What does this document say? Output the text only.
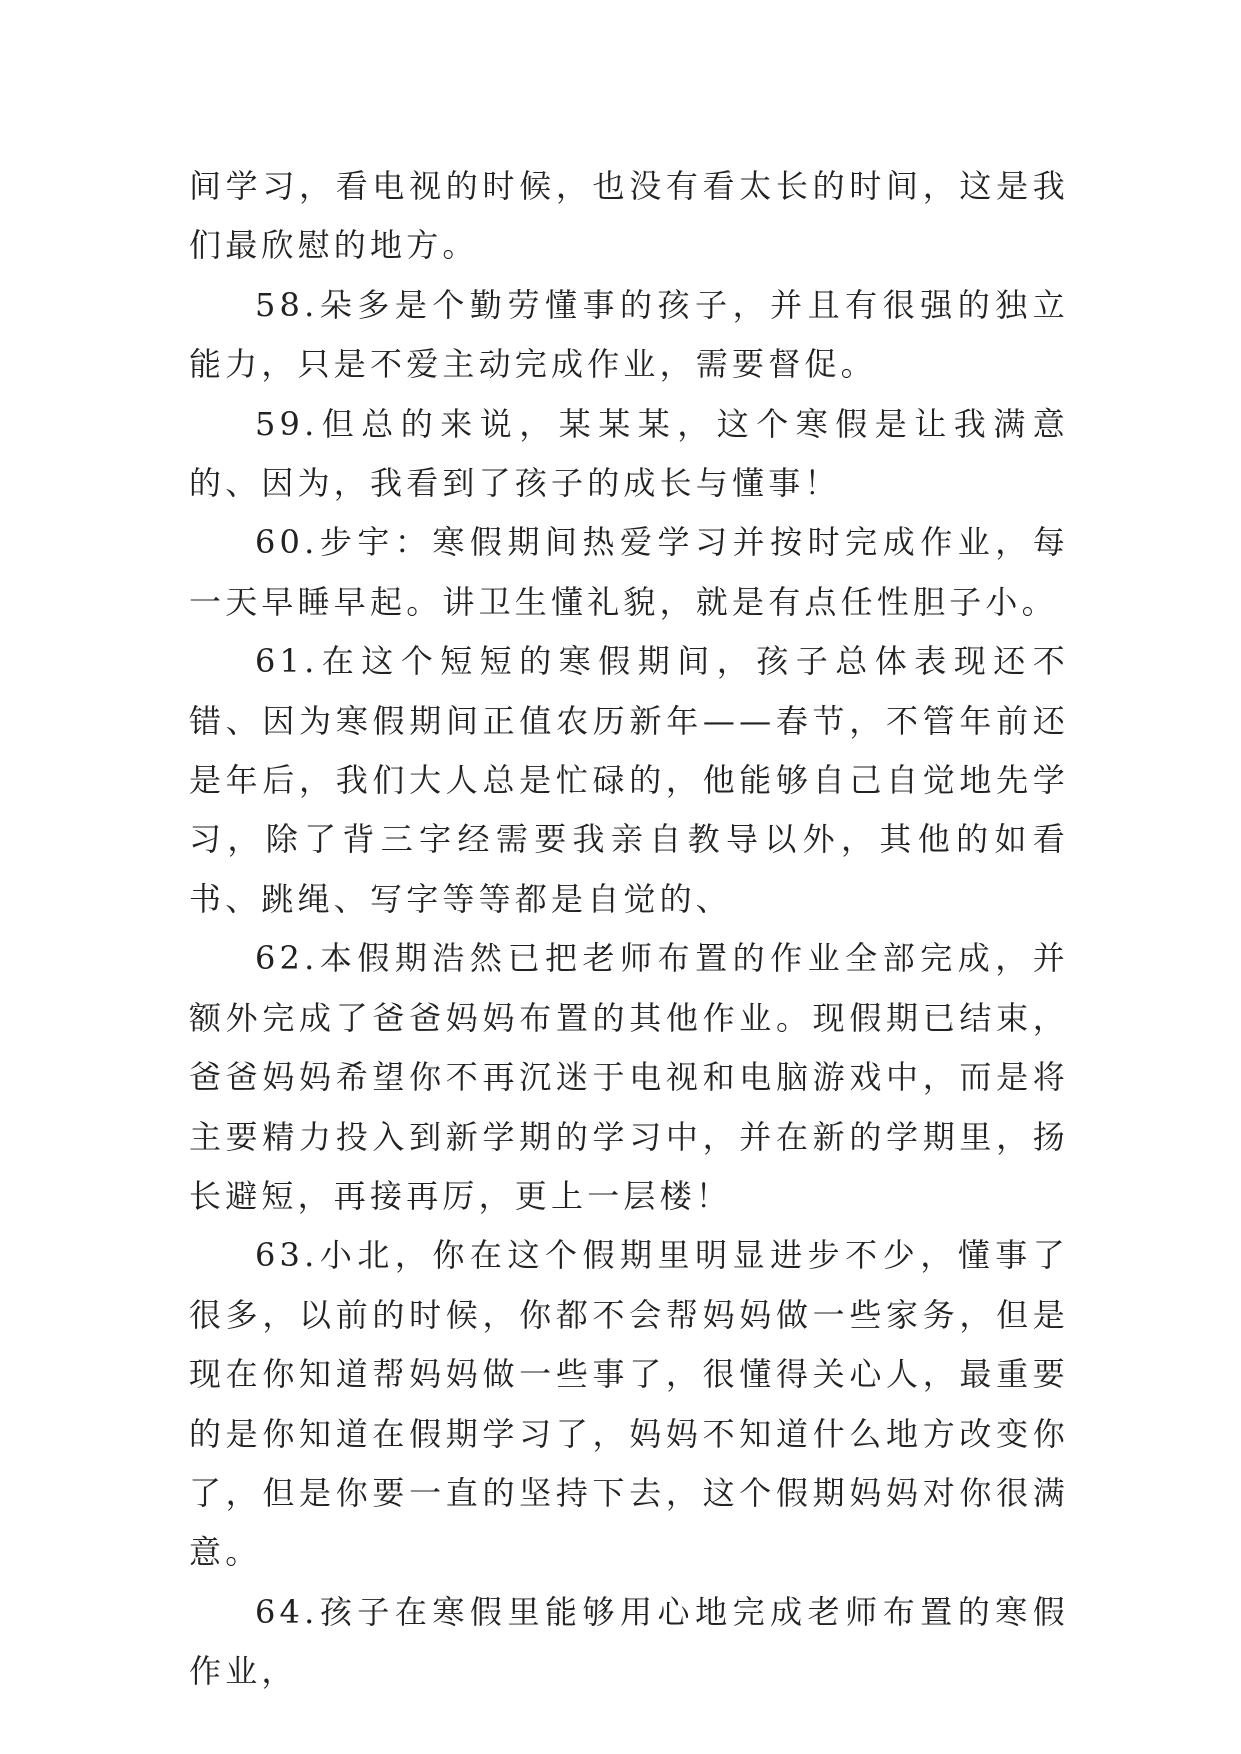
间学习，看电视的时候，也没有看太长的时间，这是我们最欣慰的地方。

58.朵多是个勤劳懂事的孩子，并且有很强的独立能力，只是不爱主动完成作业，需要督促。

59.但总的来说，某某某，这个寒假是让我满意的、因为，我看到了孩子的成长与懂事！

60.步宇：寒假期间热爱学习并按时完成作业，每一天早睡早起。讲卫生懂礼貌，就是有点任性胆子小。

61.在这个短短的寒假期间，孩子总体表现还不错、因为寒假期间正值农历新年——春节，不管年前还是年后，我们大人总是忙碌的，他能够自己自觉地先学习，除了背三字经需要我亲自教导以外，其他的如看书、跳绳、写字等等都是自觉的、

62.本假期浩然已把老师布置的作业全部完成，并额外完成了爸爸妈妈布置的其他作业。现假期已结束，爸爸妈妈希望你不再沉迷于电视和电脑游戏中，而是将主要精力投入到新学期的学习中，并在新的学期里，扬长避短，再接再厉，更上一层楼！

63.小北，你在这个假期里明显进步不少，懂事了很多，以前的时候，你都不会帮妈妈做一些家务，但是现在你知道帮妈妈做一些事了，很懂得关心人，最重要的是你知道在假期学习了，妈妈不知道什么地方改变你了，但是你要一直的坚持下去，这个假期妈妈对你很满意。

64.孩子在寒假里能够用心地完成老师布置的寒假作业，
